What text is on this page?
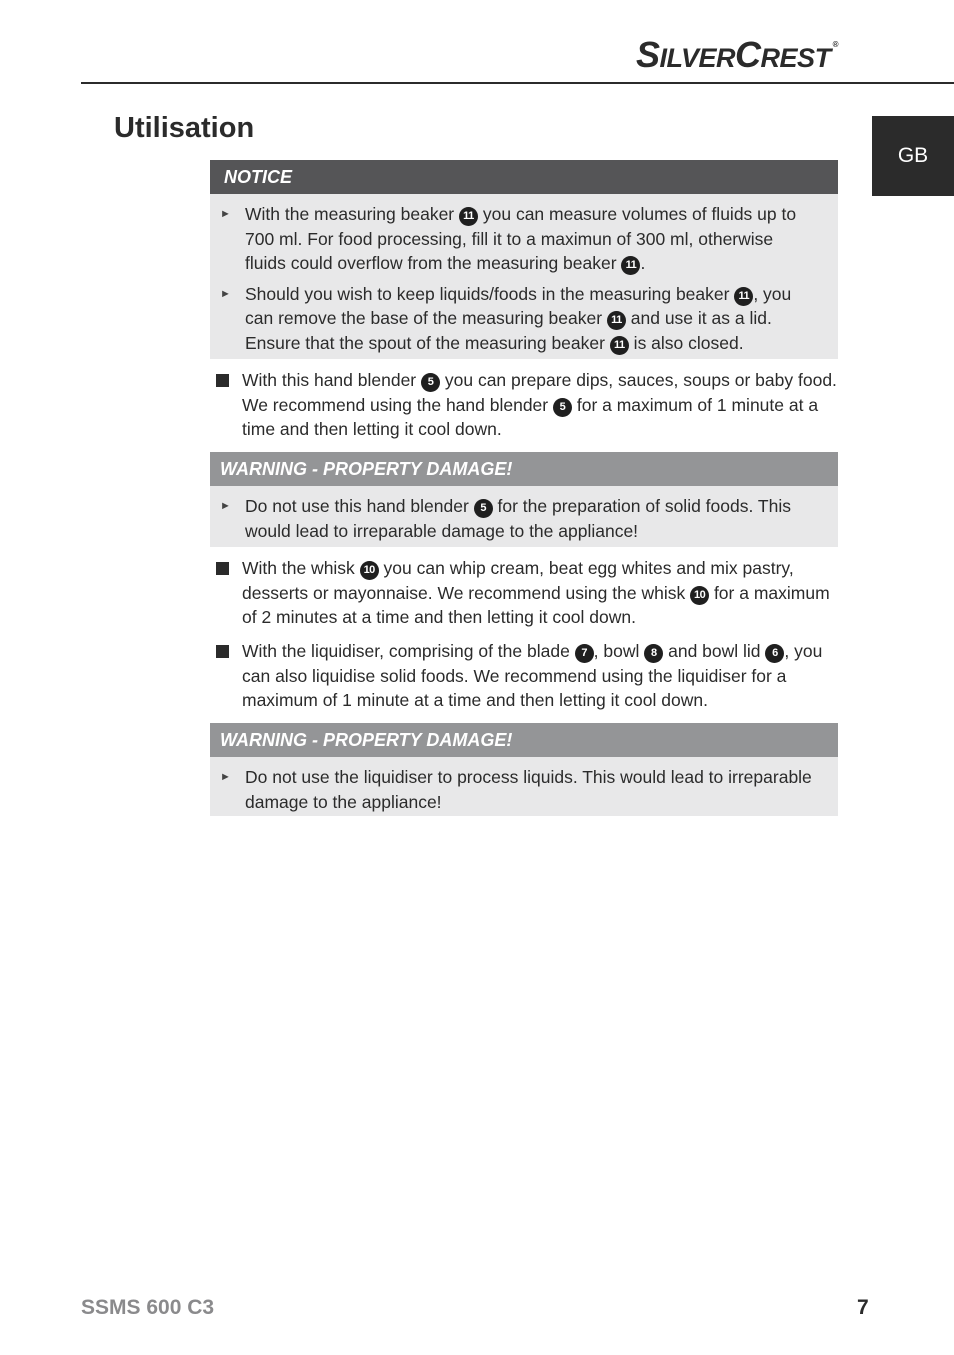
SILVERCREST ®
GB
Utilisation
NOTICE
► With the measuring beaker 11 you can measure volumes of fluids up to 700 ml. For food processing, fill it to a maximun of 300 ml, otherwise fluids could overflow from the measuring beaker 11 .
► Should you wish to keep liquids/foods in the measuring beaker 11 , you can remove the base of the measuring beaker 11 and use it as a lid. Ensure that the spout of the measuring beaker 11 is also closed.
With this hand blender 5 you can prepare dips, sauces, soups or baby food. We recommend using the hand blender 5 for a maximum of 1 minute at a time and then letting it cool down.
WARNING - PROPERTY DAMAGE!
► Do not use this hand blender 5 for the preparation of solid foods. This would lead to irreparable damage to the appliance!
With the whisk 10 you can whip cream, beat egg whites and mix pastry, desserts or mayonnaise. We recommend using the whisk 10 for a maximum of 2 minutes at a time and then letting it cool down.
With the liquidiser, comprising of the blade 7 , bowl 8 and bowl lid 6 , you can also liquidise solid foods. We recommend using the liquidiser for a maximum of 1 minute at a time and then letting it cool down.
WARNING - PROPERTY DAMAGE!
► Do not use the liquidiser to process liquids. This would lead to irreparable damage to the appliance!
SSMS 600 C3	7
